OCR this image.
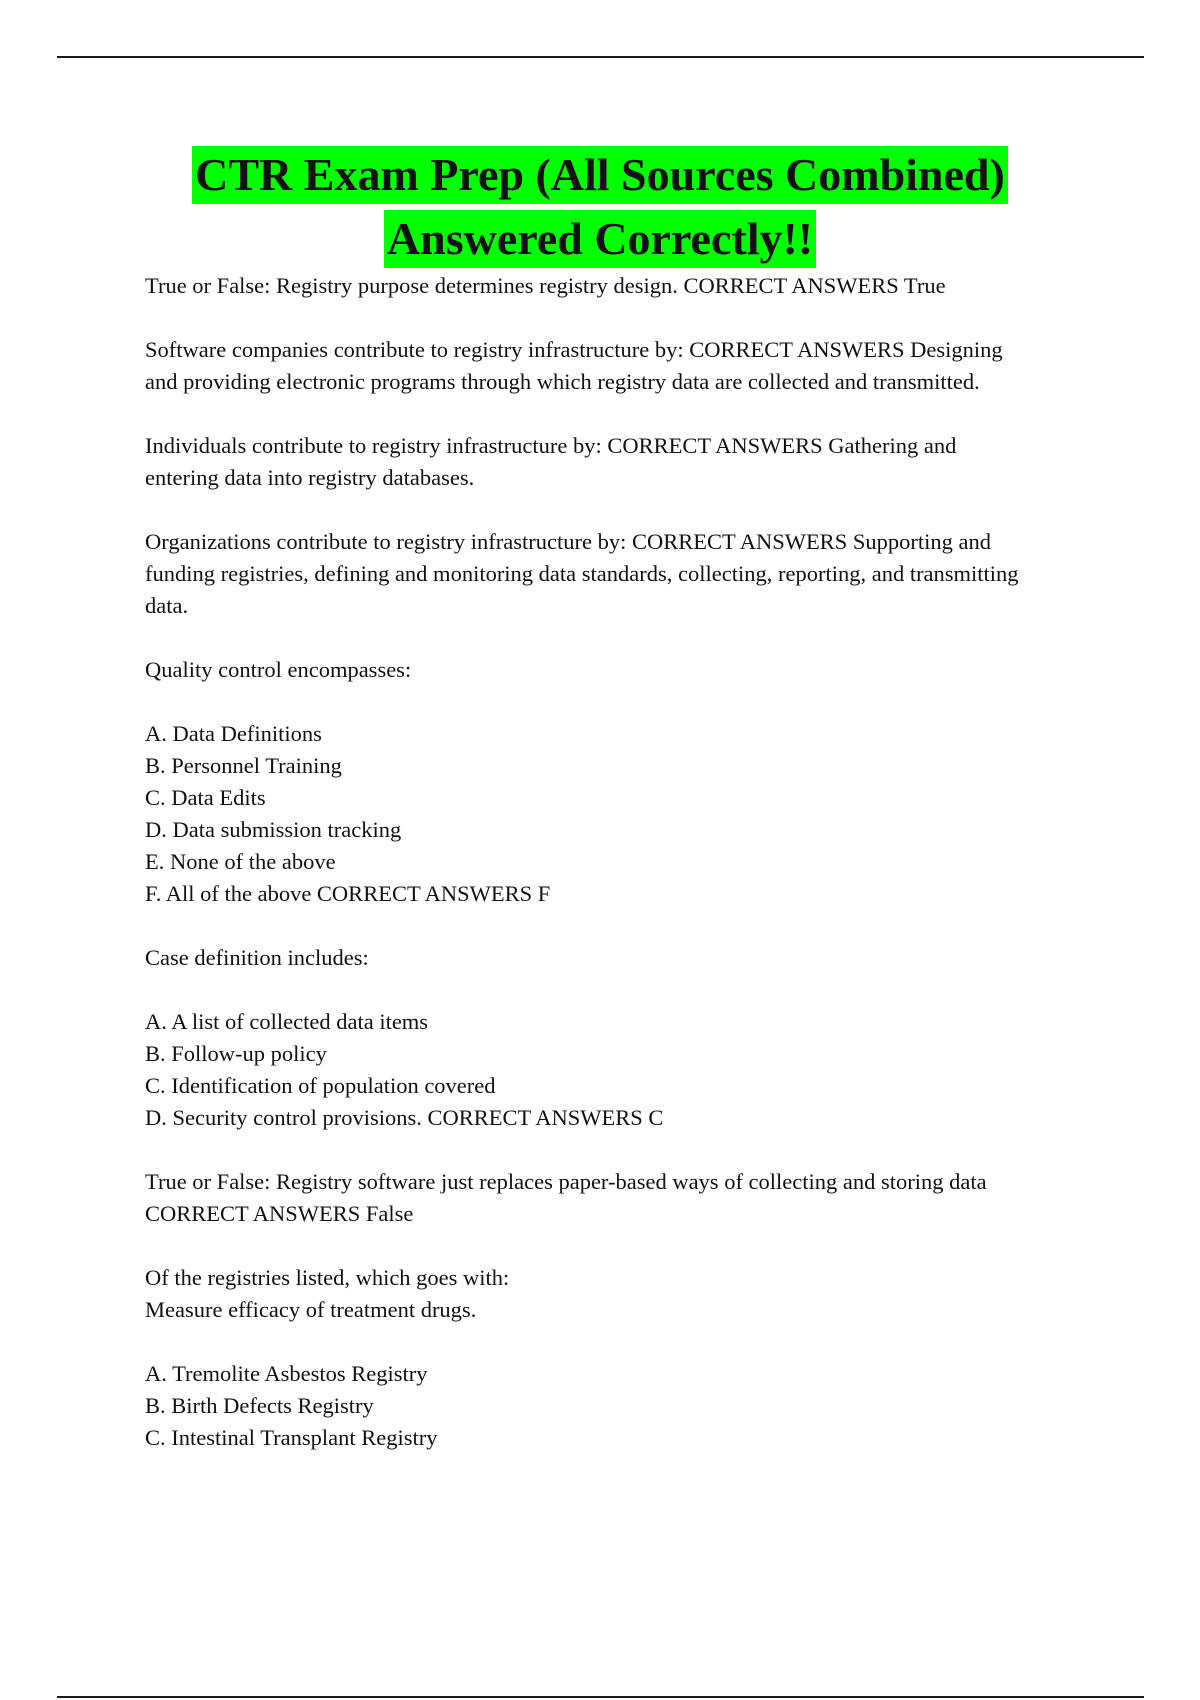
CTR Exam Prep (All Sources Combined)
Answered Correctly!!

True or False: Registry purpose determines registry design. CORRECT ANSWERS True

Software companies contribute to registry infrastructure by: CORRECT ANSWERS Designing
and providing electronic programs through which registry data are collected and transmitted.

Individuals contribute to registry infrastructure by: CORRECT ANSWERS Gathering and
entering data into registry databases.

Organizations contribute to registry infrastructure by: CORRECT ANSWERS Supporting and
funding registries, defining and monitoring data standards, collecting, reporting, and transmitting
data.

Quality control encompasses:

A. Data Definitions
B. Personnel Training
C. Data Edits
D. Data submission tracking
E. None of the above
F. All of the above CORRECT ANSWERS F

Case definition includes:

A. A list of collected data items
B. Follow-up policy
C. Identification of population covered
D. Security control provisions. CORRECT ANSWERS C

True or False: Registry software just replaces paper-based ways of collecting and storing data
CORRECT ANSWERS False

Of the registries listed, which goes with:
Measure efficacy of treatment drugs.

A. Tremolite Asbestos Registry
B. Birth Defects Registry
C. Intestinal Transplant Registry
